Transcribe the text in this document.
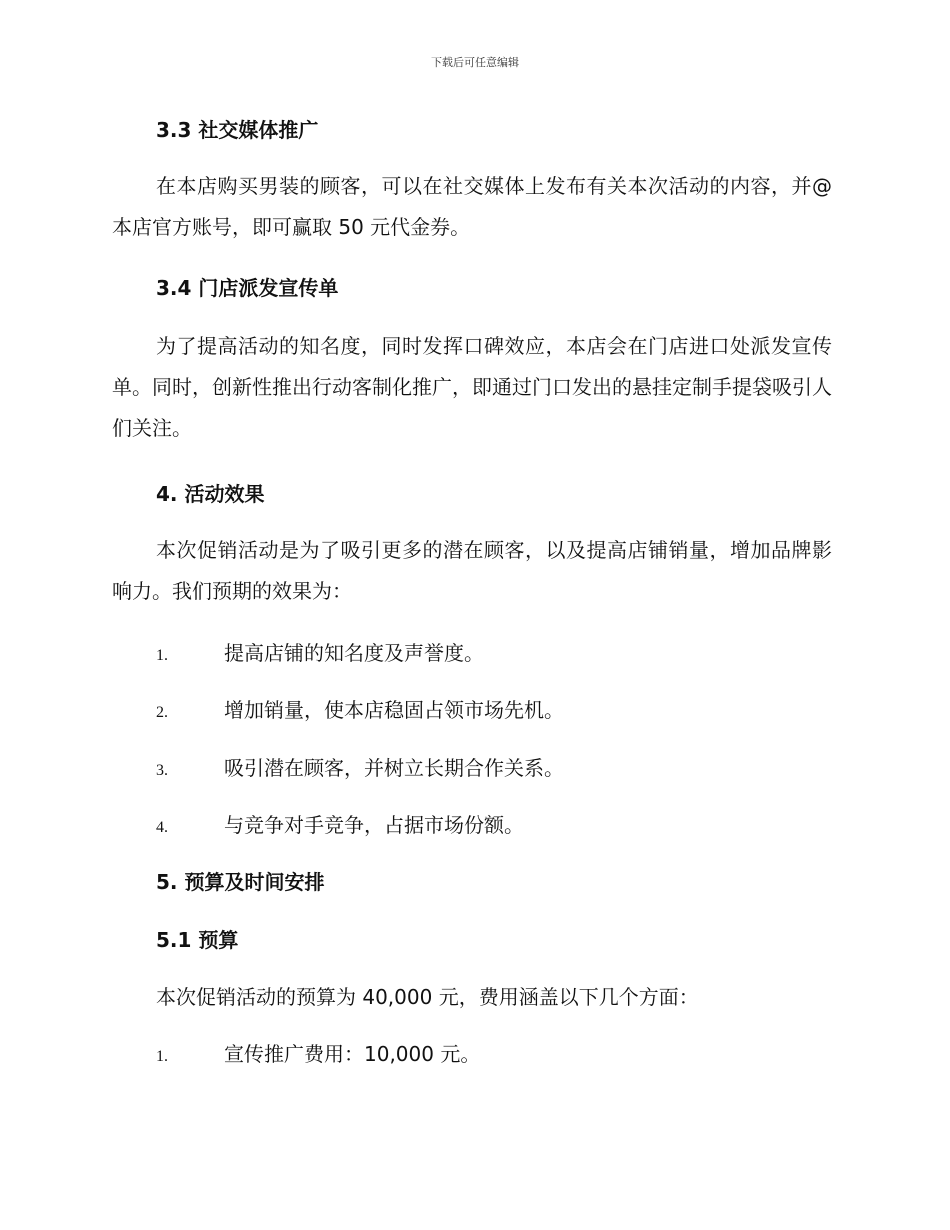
下载后可任意编辑
3.3 社交媒体推广
在本店购买男装的顾客，可以在社交媒体上发布有关本次活动的内容，并@本店官方账号，即可赢取 50 元代金券。
3.4 门店派发宣传单
为了提高活动的知名度，同时发挥口碑效应，本店会在门店进口处派发宣传单。同时，创新性推出行动客制化推广，即通过门口发出的悬挂定制手提袋吸引人们关注。
4. 活动效果
本次促销活动是为了吸引更多的潜在顾客，以及提高店铺销量，增加品牌影响力。我们预期的效果为：
1.	提高店铺的知名度及声誉度。
2.	增加销量，使本店稳固占领市场先机。
3.	吸引潜在顾客，并树立长期合作关系。
4.	与竞争对手竞争，占据市场份额。
5. 预算及时间安排
5.1 预算
本次促销活动的预算为 40,000 元，费用涵盖以下几个方面：
1.	宣传推广费用：10,000 元。
